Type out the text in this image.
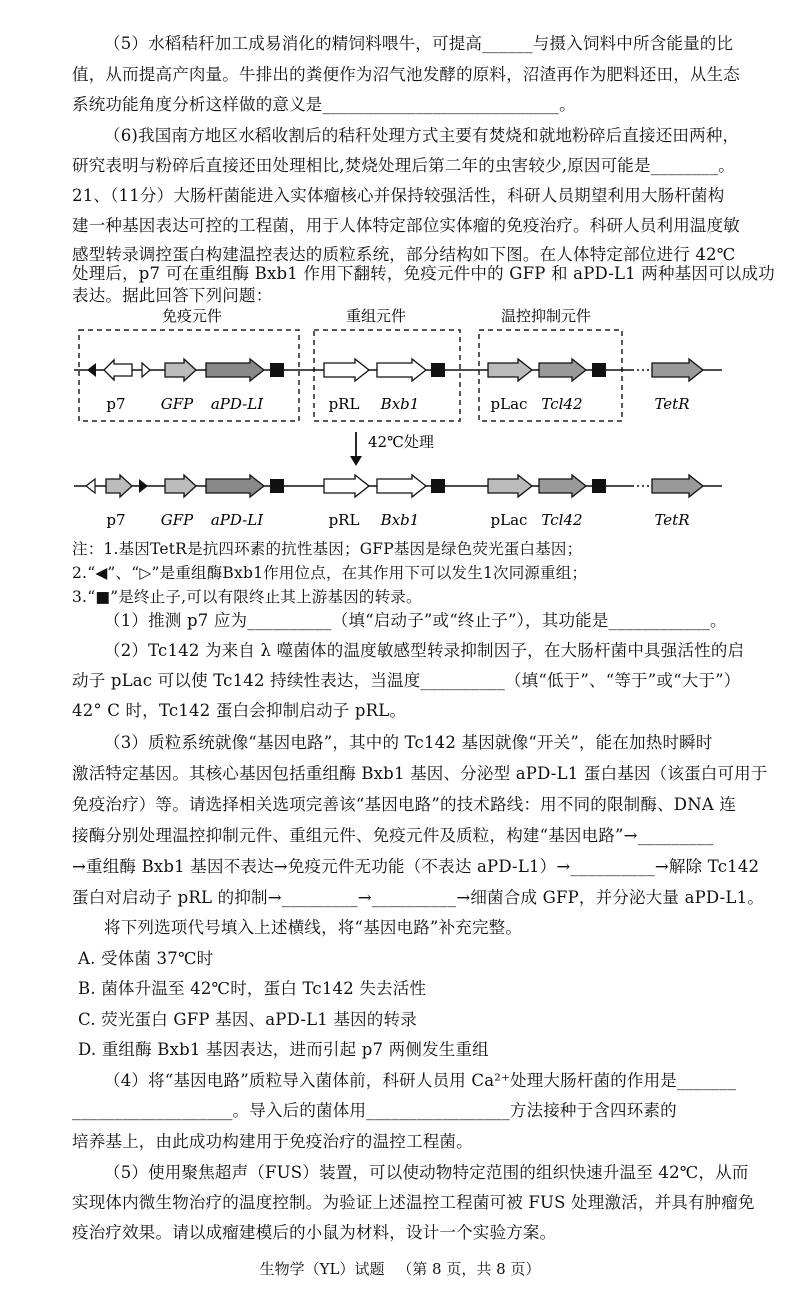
（5）水稻秸秆加工成易消化的精饲料喂牛，可提高______与摄入饲料中所含能量的比
值，从而提高产肉量。牛排出的粪便作为沼气池发酵的原料，沼渣再作为肥料还田，从生态
系统功能角度分析这样做的意义是____________________________。
（6)我国南方地区水稻收割后的秸秆处理方式主要有焚烧和就地粉碎后直接还田两种，
研究表明与粉碎后直接还田处理相比,焚烧处理后第二年的虫害较少,原因可能是________。
21、（11分）大肠杆菌能进入实体瘤核心并保持较强活性，科研人员期望利用大肠杆菌构
建一种基因表达可控的工程菌，用于人体特定部位实体瘤的免疫治疗。科研人员利用温度敏
感型转录调控蛋白构建温控表达的质粒系统，部分结构如下图。在人体特定部位进行 42℃
处理后，p7 可在重组酶 Bxb1 作用下翻转，免疫元件中的 GFP 和 aPD-L1 两种基因可以成功
表达。据此回答下列问题：
免疫元件	重组元件	温控抑制元件
p7 GFP aPD-LI	pRL Bxb1	pLac Tcl42	TetR
42℃处理
p7 GFP aPD-LI	pRL Bxb1	pLac Tcl42	TetR
注：1.基因TetR是抗四环素的抗性基因；GFP基因是绿色荧光蛋白基因；
2.“◀”、“▷”是重组酶Bxb1作用位点，在其作用下可以发生1次同源重组；
3.“■”是终止子,可以有限终止其上游基因的转录。
（1）推测 p7 应为__________（填“启动子”或“终止子”），其功能是____________。
（2）Tc142 为来自 λ 噬菌体的温度敏感型转录抑制因子，在大肠杆菌中具强活性的启
动子 pLac 可以使 Tc142 持续性表达，当温度__________（填“低于”、“等于”或“大于”）
42° C 时，Tc142 蛋白会抑制启动子 pRL。
（3）质粒系统就像“基因电路”，其中的 Tc142 基因就像“开关”，能在加热时瞬时
激活特定基因。其核心基因包括重组酶 Bxb1 基因、分泌型 aPD-L1 蛋白基因（该蛋白可用于
免疫治疗）等。请选择相关选项完善该“基因电路”的技术路线：用不同的限制酶、DNA 连
接酶分别处理温控抑制元件、重组元件、免疫元件及质粒，构建“基因电路”→_________
→重组酶 Bxb1 基因不表达→免疫元件无功能（不表达 aPD-L1）→__________→解除 Tc142
蛋白对启动子 pRL 的抑制→_________→__________→细菌合成 GFP，并分泌大量 aPD-L1。
将下列选项代号填入上述横线，将“基因电路”补充完整。
A. 受体菌 37℃时
B. 菌体升温至 42℃时，蛋白 Tc142 失去活性
C. 荧光蛋白 GFP 基因、aPD-L1 基因的转录
D. 重组酶 Bxb1 基因表达，进而引起 p7 两侧发生重组
（4）将“基因电路”质粒导入菌体前，科研人员用 Ca²⁺处理大肠杆菌的作用是_______
___________________。导入后的菌体用_________________方法接种于含四环素的
培养基上，由此成功构建用于免疫治疗的温控工程菌。
（5）使用聚焦超声（FUS）装置，可以使动物特定范围的组织快速升温至 42℃，从而
实现体内微生物治疗的温度控制。为验证上述温控工程菌可被 FUS 处理激活，并具有肿瘤免
疫治疗效果。请以成瘤建模后的小鼠为材料，设计一个实验方案。
生物学（YL）试题 （第 8 页，共 8 页）
